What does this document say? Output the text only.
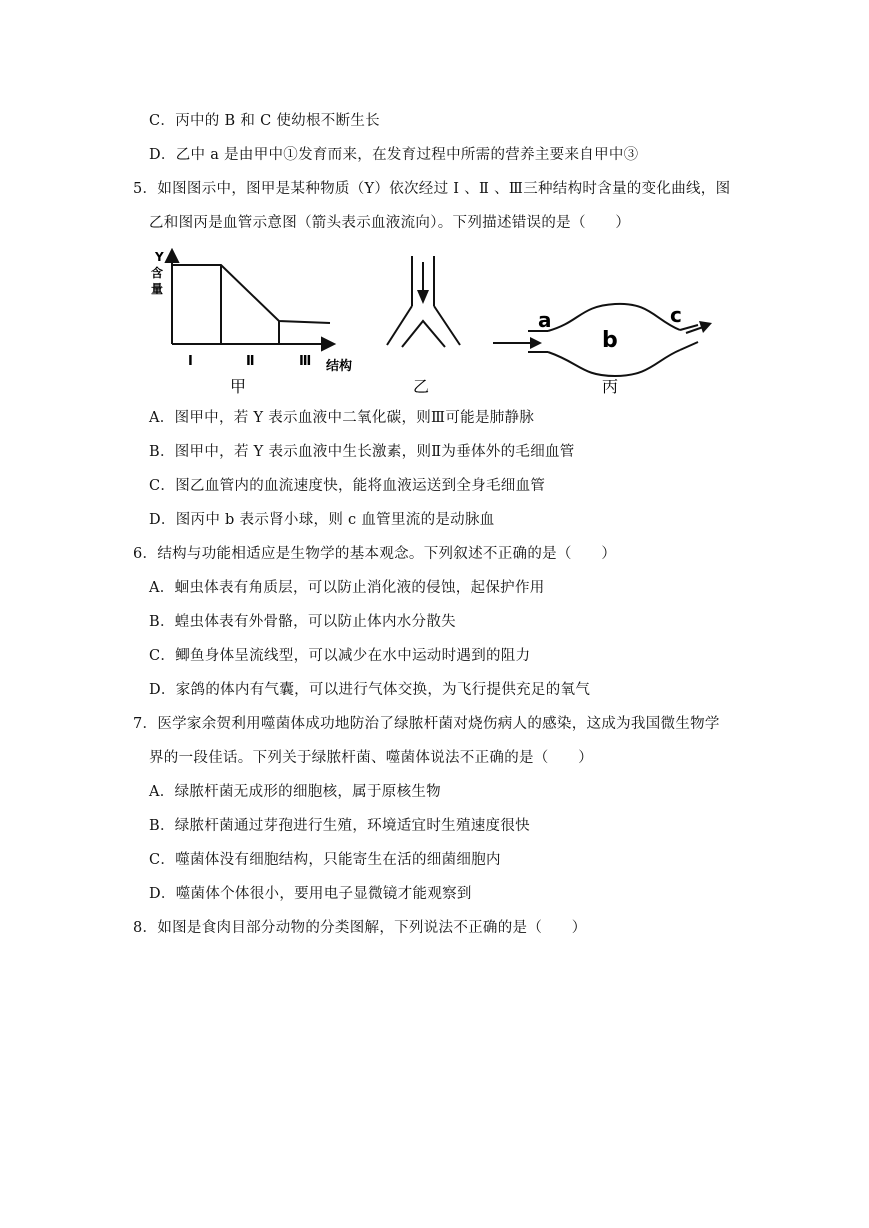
C．丙中的 B 和 C 使幼根不断生长
D．乙中 a 是由甲中①发育而来，在发育过程中所需的营养主要来自甲中③
5．如图图示中，图甲是某种物质（Y）依次经过 Ⅰ 、Ⅱ 、Ⅲ三种结构时含量的变化曲线，图
乙和图丙是血管示意图（箭头表示血液流向）。下列描述错误的是（　　）
Y
含
量
Ⅰ	Ⅱ	Ⅲ 结构
甲	乙
a
b
c
丙
A．图甲中，若 Y 表示血液中二氧化碳，则Ⅲ可能是肺静脉
B．图甲中，若 Y 表示血液中生长激素，则Ⅱ为垂体外的毛细血管
C．图乙血管内的血流速度快，能将血液运送到全身毛细血管
D．图丙中 b 表示肾小球，则 c 血管里流的是动脉血
6．结构与功能相适应是生物学的基本观念。下列叙述不正确的是（　　）
A．蛔虫体表有角质层，可以防止消化液的侵蚀，起保护作用
B．蝗虫体表有外骨骼，可以防止体内水分散失
C．鲫鱼身体呈流线型，可以减少在水中运动时遇到的阻力
D．家鸽的体内有气囊，可以进行气体交换，为飞行提供充足的氧气
7．医学家余贺利用噬菌体成功地防治了绿脓杆菌对烧伤病人的感染，这成为我国微生物学
界的一段佳话。下列关于绿脓杆菌、噬菌体说法不正确的是（　　）
A．绿脓杆菌无成形的细胞核，属于原核生物
B．绿脓杆菌通过芽孢进行生殖，环境适宜时生殖速度很快
C．噬菌体没有细胞结构，只能寄生在活的细菌细胞内
D．噬菌体个体很小，要用电子显微镜才能观察到
8．如图是食肉目部分动物的分类图解，下列说法不正确的是（　　）
